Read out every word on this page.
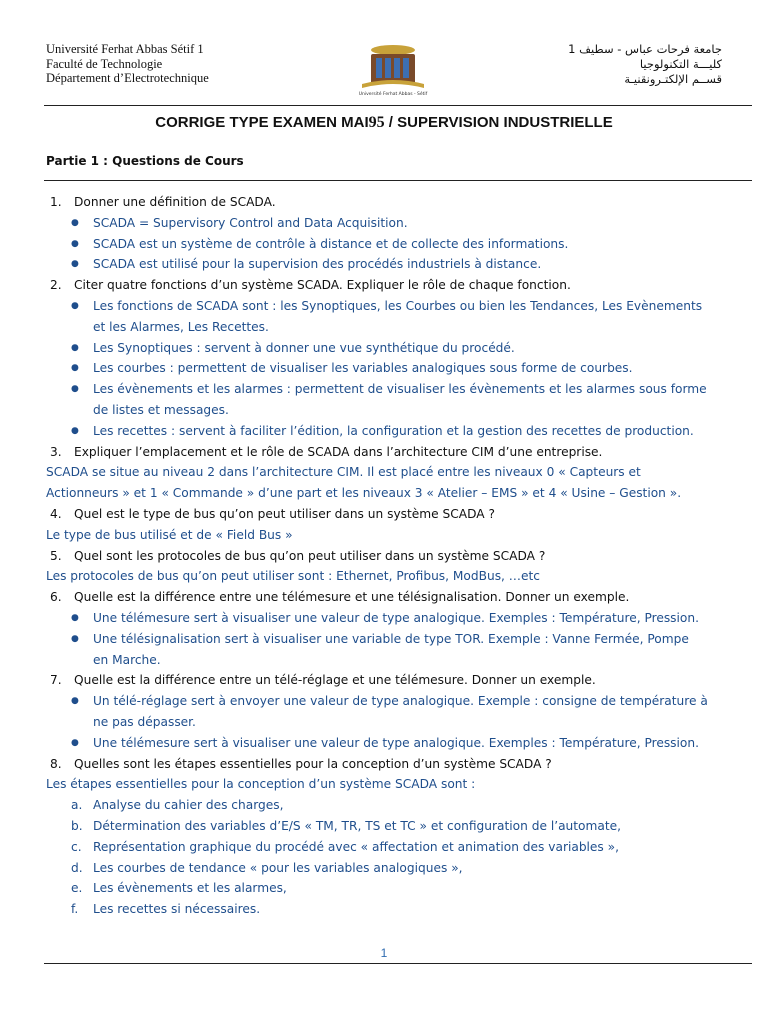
Université Ferhat Abbas Sétif 1
Faculté de Technologie
Département d’Electrotechnique
Université Ferhat Abbas - Sétif
جامعة فرحات عباس - سطيف 1
كليـــة التكنولوجيا
قســم الإلكتـرونقنيـة
CORRIGE TYPE EXAMEN MAI95 / SUPERVISION INDUSTRIELLE
Partie 1 : Questions de Cours
1. Donner une définition de SCADA.
● SCADA = Supervisory Control and Data Acquisition.
● SCADA est un système de contrôle à distance et de collecte des informations.
● SCADA est utilisé pour la supervision des procédés industriels à distance.
2. Citer quatre fonctions d’un système SCADA. Expliquer le rôle de chaque fonction.
● Les fonctions de SCADA sont : les Synoptiques, les Courbes ou bien les Tendances, Les Evènements
et les Alarmes, Les Recettes.
● Les Synoptiques : servent à donner une vue synthétique du procédé.
● Les courbes : permettent de visualiser les variables analogiques sous forme de courbes.
● Les évènements et les alarmes : permettent de visualiser les évènements et les alarmes sous forme
de listes et messages.
● Les recettes : servent à faciliter l’édition, la configuration et la gestion des recettes de production.
3. Expliquer l’emplacement et le rôle de SCADA dans l’architecture CIM d’une entreprise.
SCADA se situe au niveau 2 dans l’architecture CIM. Il est placé entre les niveaux 0 « Capteurs et
Actionneurs » et 1 « Commande » d’une part et les niveaux 3 « Atelier – EMS » et 4 « Usine – Gestion ».
4. Quel est le type de bus qu’on peut utiliser dans un système SCADA ?
Le type de bus utilisé et de « Field Bus »
5. Quel sont les protocoles de bus qu’on peut utiliser dans un système SCADA ?
Les protocoles de bus qu’on peut utiliser sont : Ethernet, Profibus, ModBus, …etc
6. Quelle est la différence entre une télémesure et une télésignalisation. Donner un exemple.
● Une télémesure sert à visualiser une valeur de type analogique. Exemples : Température, Pression.
● Une télésignalisation sert à visualiser une variable de type TOR. Exemple : Vanne Fermée, Pompe
en Marche.
7. Quelle est la différence entre un télé-réglage et une télémesure. Donner un exemple.
● Un télé-réglage sert à envoyer une valeur de type analogique. Exemple : consigne de température à
ne pas dépasser.
● Une télémesure sert à visualiser une valeur de type analogique. Exemples : Température, Pression.
8. Quelles sont les étapes essentielles pour la conception d’un système SCADA ?
Les étapes essentielles pour la conception d’un système SCADA sont :
a. Analyse du cahier des charges,
b. Détermination des variables d’E/S « TM, TR, TS et TC » et configuration de l’automate,
c. Représentation graphique du procédé avec « affectation et animation des variables »,
d. Les courbes de tendance « pour les variables analogiques »,
e. Les évènements et les alarmes,
f. Les recettes si nécessaires.
1
